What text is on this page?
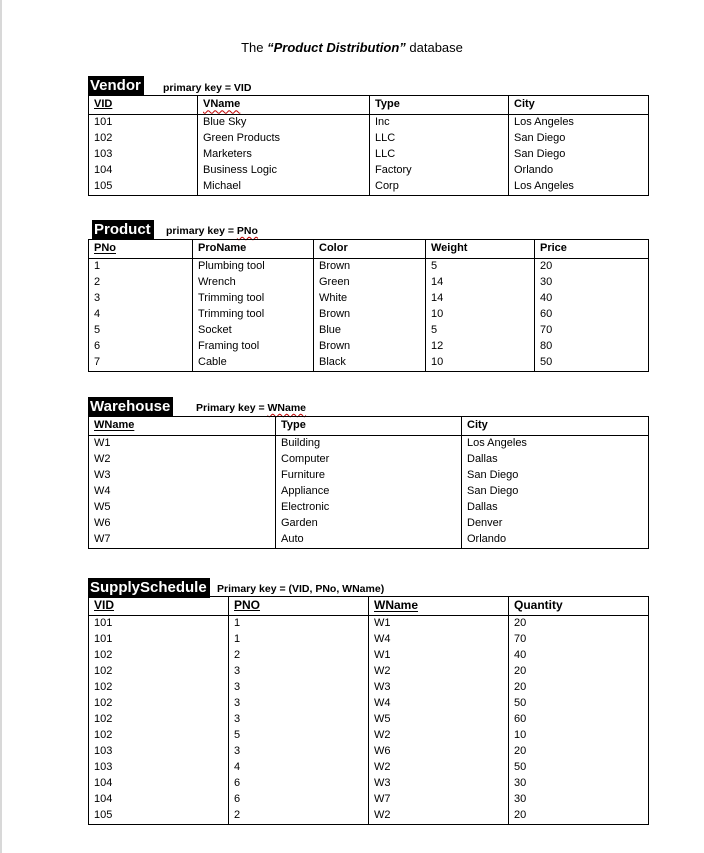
The “Product Distribution” database
Vendor primary key = VID
VID	VName	Type	City
101	Blue Sky	Inc	Los Angeles
102	Green Products	LLC	San Diego
103	Marketers	LLC	San Diego
104	Business Logic	Factory	Orlando
105	Michael	Corp	Los Angeles
Product primary key = PNo
PNo	ProName	Color	Weight	Price
1	Plumbing tool	Brown	5	20
2	Wrench	Green	14	30
3	Trimming tool	White	14	40
4	Trimming tool	Brown	10	60
5	Socket	Blue	5	70
6	Framing tool	Brown	12	80
7	Cable	Black	10	50
Warehouse Primary key = WName
WName	Type	City
W1	Building	Los Angeles
W2	Computer	Dallas
W3	Furniture	San Diego
W4	Appliance	San Diego
W5	Electronic	Dallas
W6	Garden	Denver
W7	Auto	Orlando
SupplySchedule Primary key = (VID, PNo, WName)
VID	PNO	WName	Quantity
101	1	W1	20
101	1	W4	70
102	2	W1	40
102	3	W2	20
102	3	W3	20
102	3	W4	50
102	3	W5	60
102	5	W2	10
103	3	W6	20
103	4	W2	50
104	6	W3	30
104	6	W7	30
105	2	W2	20
